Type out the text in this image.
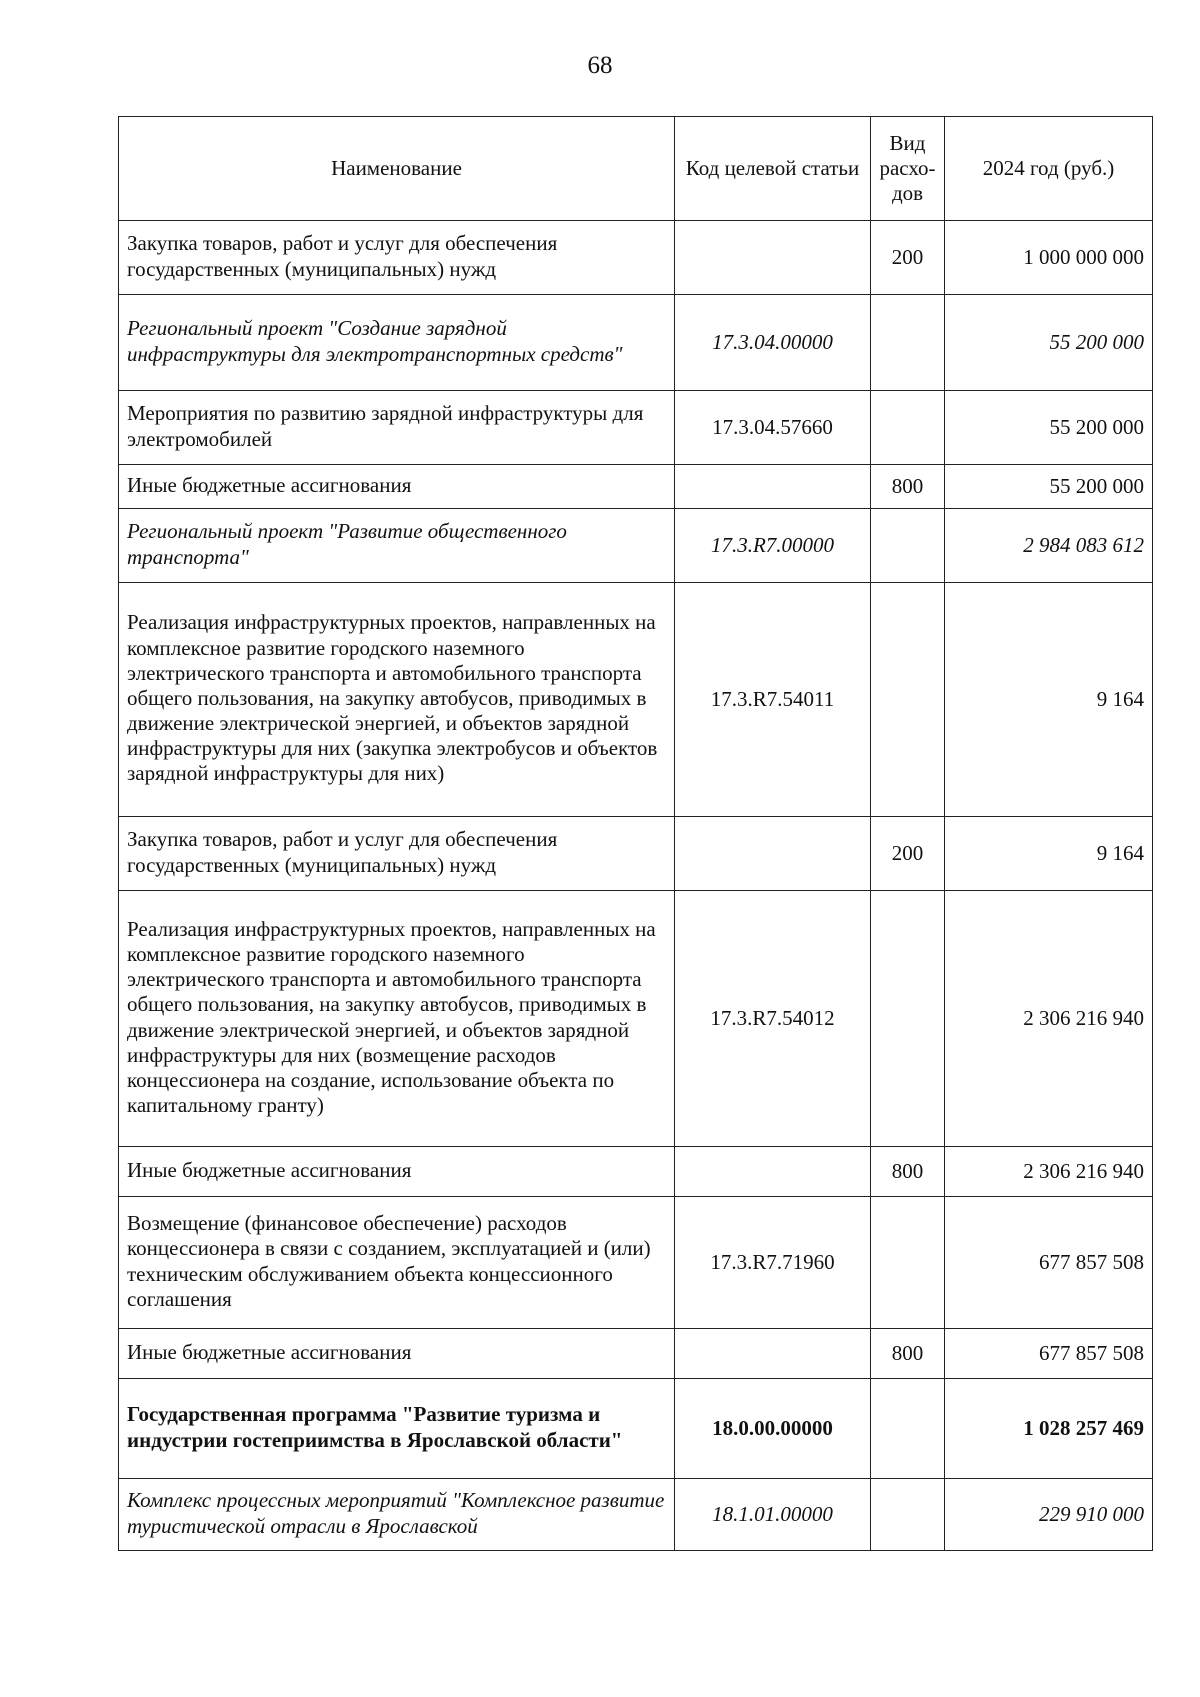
68
Наименование	Код целевой статьи	Вид расхо-дов	2024 год (руб.)
Закупка товаров, работ и услуг для обеспечения государственных (муниципальных) нужд		200	1 000 000 000
Региональный проект "Создание зарядной инфраструктуры для электротранспортных средств"	17.3.04.00000		55 200 000
Мероприятия по развитию зарядной инфраструктуры для электромобилей	17.3.04.57660		55 200 000
Иные бюджетные ассигнования		800	55 200 000
Региональный проект "Развитие общественного транспорта"	17.3.R7.00000		2 984 083 612
Реализация инфраструктурных проектов, направленных на комплексное развитие городского наземного электрического транспорта и автомобильного транспорта общего пользования, на закупку автобусов, приводимых в движение электрической энергией, и объектов зарядной инфраструктуры для них (закупка электробусов и объектов зарядной инфраструктуры для них)	17.3.R7.54011		9 164
Закупка товаров, работ и услуг для обеспечения государственных (муниципальных) нужд		200	9 164
Реализация инфраструктурных проектов, направленных на комплексное развитие городского наземного электрического транспорта и автомобильного транспорта общего пользования, на закупку автобусов, приводимых в движение электрической энергией, и объектов зарядной инфраструктуры для них (возмещение расходов концессионера на создание, использование объекта по капитальному гранту)	17.3.R7.54012		2 306 216 940
Иные бюджетные ассигнования		800	2 306 216 940
Возмещение (финансовое обеспечение) расходов концессионера в связи с созданием, эксплуатацией и (или) техническим обслуживанием объекта концессионного соглашения	17.3.R7.71960		677 857 508
Иные бюджетные ассигнования		800	677 857 508
Государственная программа "Развитие туризма и индустрии гостеприимства в Ярославской области"	18.0.00.00000		1 028 257 469
Комплекс процессных мероприятий "Комплексное развитие туристической отрасли в Ярославской	18.1.01.00000		229 910 000
